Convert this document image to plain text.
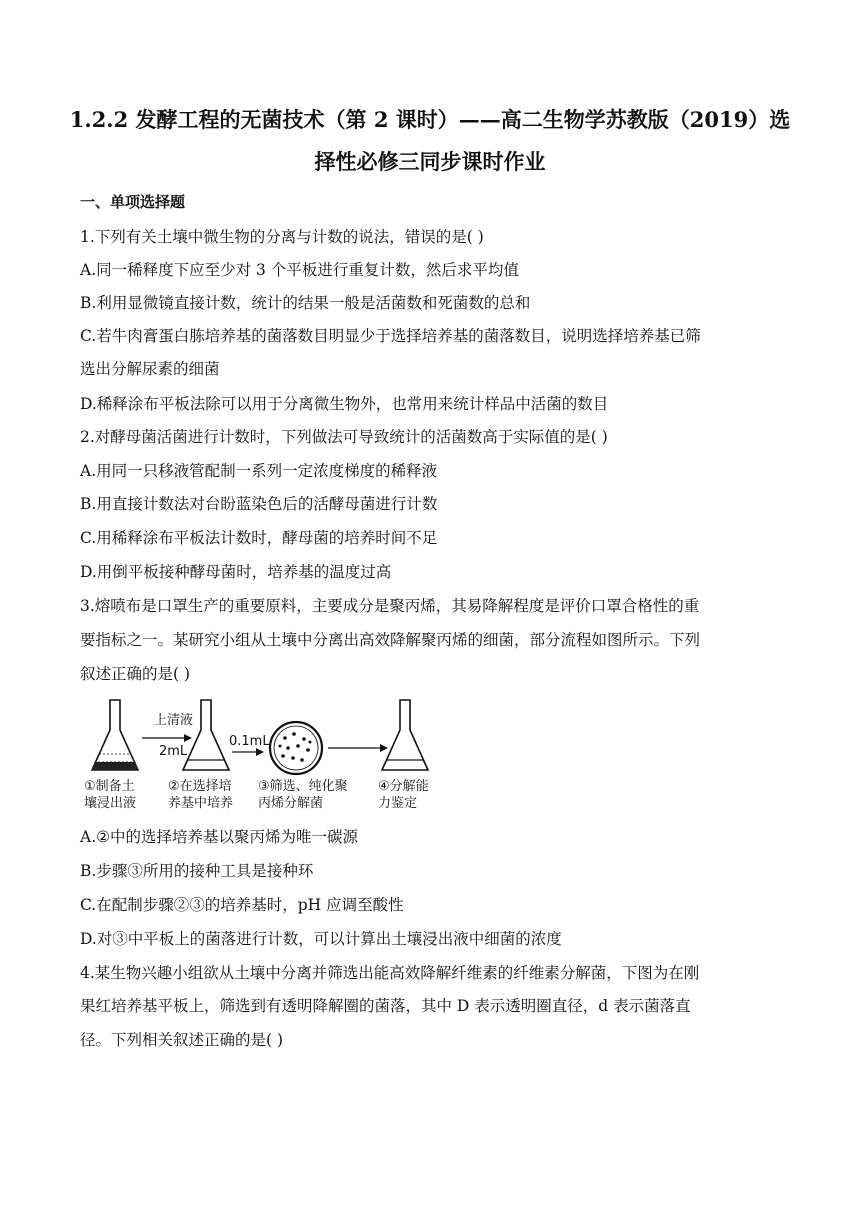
1.2.2 发酵工程的无菌技术（第 2 课时）——高二生物学苏教版（2019）选
择性必修三同步课时作业
一、单项选择题
1.下列有关土壤中微生物的分离与计数的说法，错误的是( )
A.同一稀释度下应至少对 3 个平板进行重复计数，然后求平均值
B.利用显微镜直接计数，统计的结果一般是活菌数和死菌数的总和
C.若牛肉膏蛋白胨培养基的菌落数目明显少于选择培养基的菌落数目，说明选择培养基已筛
选出分解尿素的细菌
D.稀释涂布平板法除可以用于分离微生物外，也常用来统计样品中活菌的数目
2.对酵母菌活菌进行计数时，下列做法可导致统计的活菌数高于实际值的是( )
A.用同一只移液管配制一系列一定浓度梯度的稀释液
B.用直接计数法对台盼蓝染色后的活酵母菌进行计数
C.用稀释涂布平板法计数时，酵母菌的培养时间不足
D.用倒平板接种酵母菌时，培养基的温度过高
3.熔喷布是口罩生产的重要原料，主要成分是聚丙烯，其易降解程度是评价口罩合格性的重
要指标之一。某研究小组从土壤中分离出高效降解聚丙烯的细菌，部分流程如图所示。下列
叙述正确的是( )
上清液
2mL
0.1mL
①制备土
壤浸出液
②在选择培
养基中培养
③筛选、纯化聚
丙烯分解菌
④分解能
力鉴定
A.②中的选择培养基以聚丙烯为唯一碳源
B.步骤③所用的接种工具是接种环
C.在配制步骤②③的培养基时，pH 应调至酸性
D.对③中平板上的菌落进行计数，可以计算出土壤浸出液中细菌的浓度
4.某生物兴趣小组欲从土壤中分离并筛选出能高效降解纤维素的纤维素分解菌，下图为在刚
果红培养基平板上，筛选到有透明降解圈的菌落，其中 D 表示透明圈直径，d 表示菌落直
径。下列相关叙述正确的是( )
